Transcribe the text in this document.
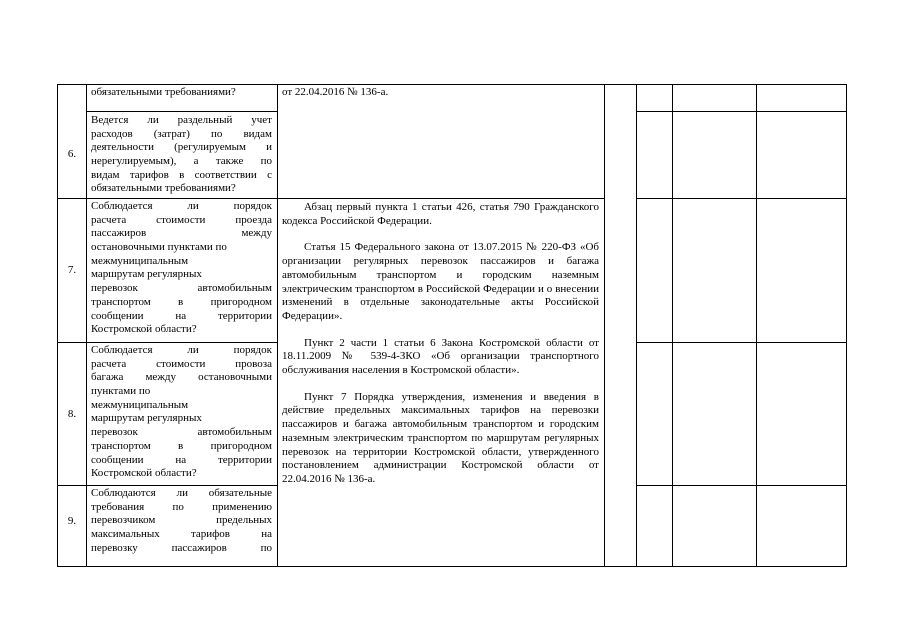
обязательными требованиями?
6.
Ведется ли раздельный учет
расходов (затрат) по видам
деятельности (регулируемым и
нерегулируемым), а также по
видам тарифов в соответствии с
обязательными требованиями?
7.
Соблюдается ли порядок
расчета стоимости проезда
пассажиров между
остановочными пунктами по
межмуниципальным
маршрутам регулярных
перевозок автомобильным
транспортом в пригородном
сообщении на территории
Костромской области?
8.
Соблюдается ли порядок
расчета стоимости провоза
багажа между остановочными
пунктами по
межмуниципальным
маршрутам регулярных
перевозок автомобильным
транспортом в пригородном
сообщении на территории
Костромской области?
9.
Соблюдаются ли обязательные
требования по применению
перевозчиком предельных
максимальных тарифов на
перевозку пассажиров по
от 22.04.2016 № 136-а.

Абзац первый пункта 1 статьи 426, статья 790 Гражданского кодекса Российской Федерации.

Статья 15 Федерального закона от 13.07.2015 № 220-ФЗ «Об организации регулярных перевозок пассажиров и багажа автомобильным транспортом и городским наземным электрическим транспортом в Российской Федерации и о внесении изменений в отдельные законодательные акты Российской Федерации».

Пункт 2 части 1 статьи 6 Закона Костромской области от 18.11.2009 № 539-4-ЗКО «Об организации транспортного обслуживания населения в Костромской области».

Пункт 7 Порядка утверждения, изменения и введения в действие предельных максимальных тарифов на перевозки пассажиров и багажа автомобильным транспортом и городским наземным электрическим транспортом по маршрутам регулярных перевозок на территории Костромской области, утвержденного постановлением администрации Костромской области от 22.04.2016 № 136-а.
